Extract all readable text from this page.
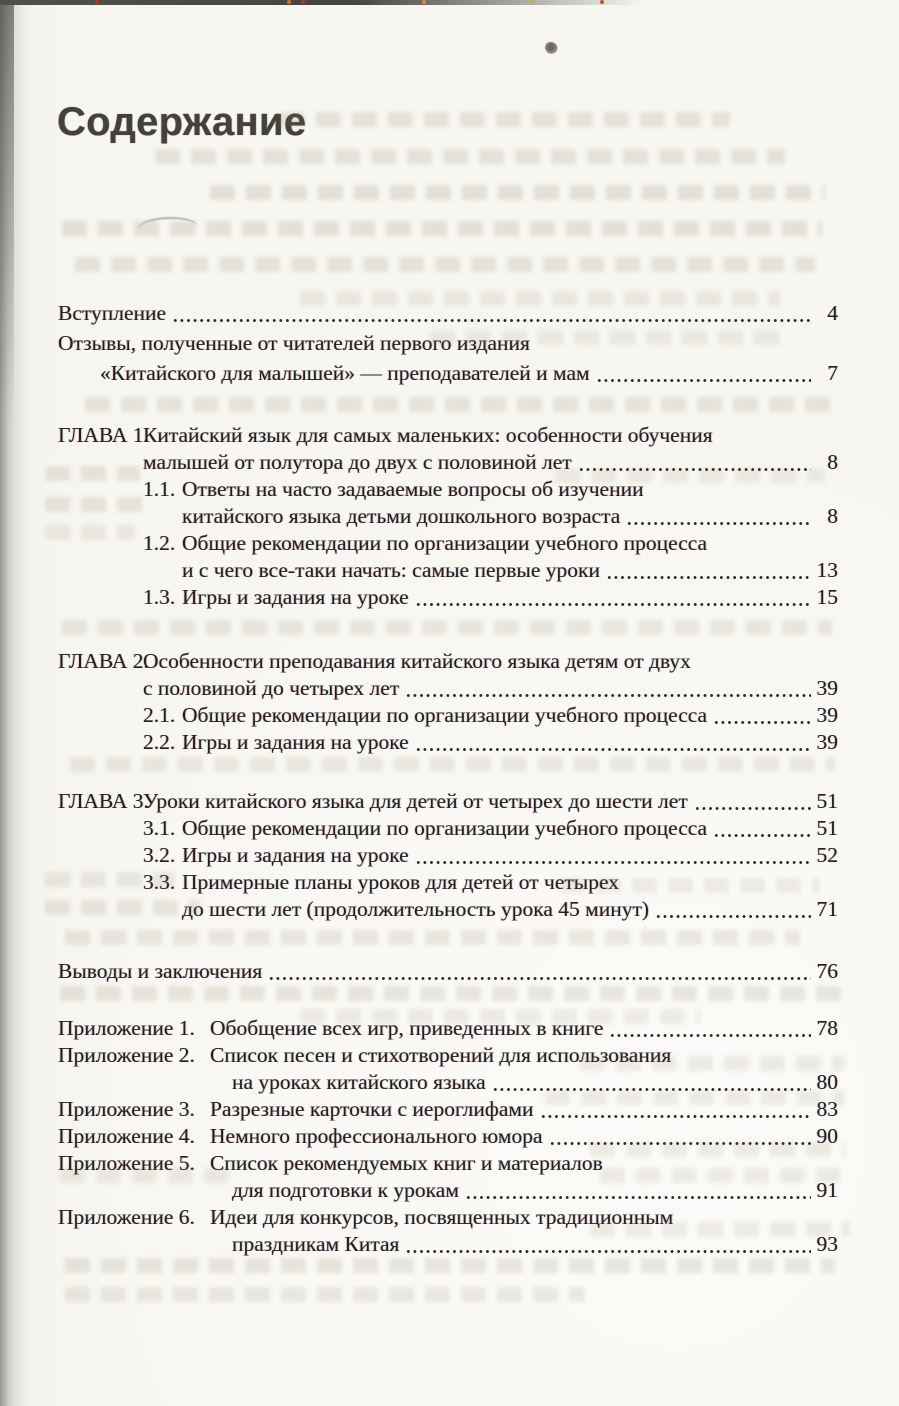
Содержание
Вступление	4
Отзывы, полученные от читателей первого издания
«Китайского для малышей» — преподавателей и мам	7
ГЛАВА 1.
Китайский язык для самых маленьких: особенности обучения
малышей от полутора до двух с половиной лет	8
1.1. Ответы на часто задаваемые вопросы об изучении
китайского языка детьми дошкольного возраста	8
1.2. Общие рекомендации по организации учебного процесса
и с чего все-таки начать: самые первые уроки	13
1.3. Игры и задания на уроке	15
ГЛАВА 2.
Особенности преподавания китайского языка детям от двух
с половиной до четырех лет	39
2.1. Общие рекомендации по организации учебного процесса	39
2.2. Игры и задания на уроке	39
ГЛАВА 3.
Уроки китайского языка для детей от четырех до шести лет	51
3.1. Общие рекомендации по организации учебного процесса	51
3.2. Игры и задания на уроке	52
3.3. Примерные планы уроков для детей от четырех
до шести лет (продолжительность урока 45 минут)	71
Выводы и заключения	76
Приложение 1. Обобщение всех игр, приведенных в книге	78
Приложение 2. Список песен и стихотворений для использования
на уроках китайского языка	80
Приложение 3. Разрезные карточки с иероглифами	83
Приложение 4. Немного профессионального юмора	90
Приложение 5. Список рекомендуемых книг и материалов
для подготовки к урокам	91
Приложение 6. Идеи для конкурсов, посвященных традиционным
праздникам Китая	93
